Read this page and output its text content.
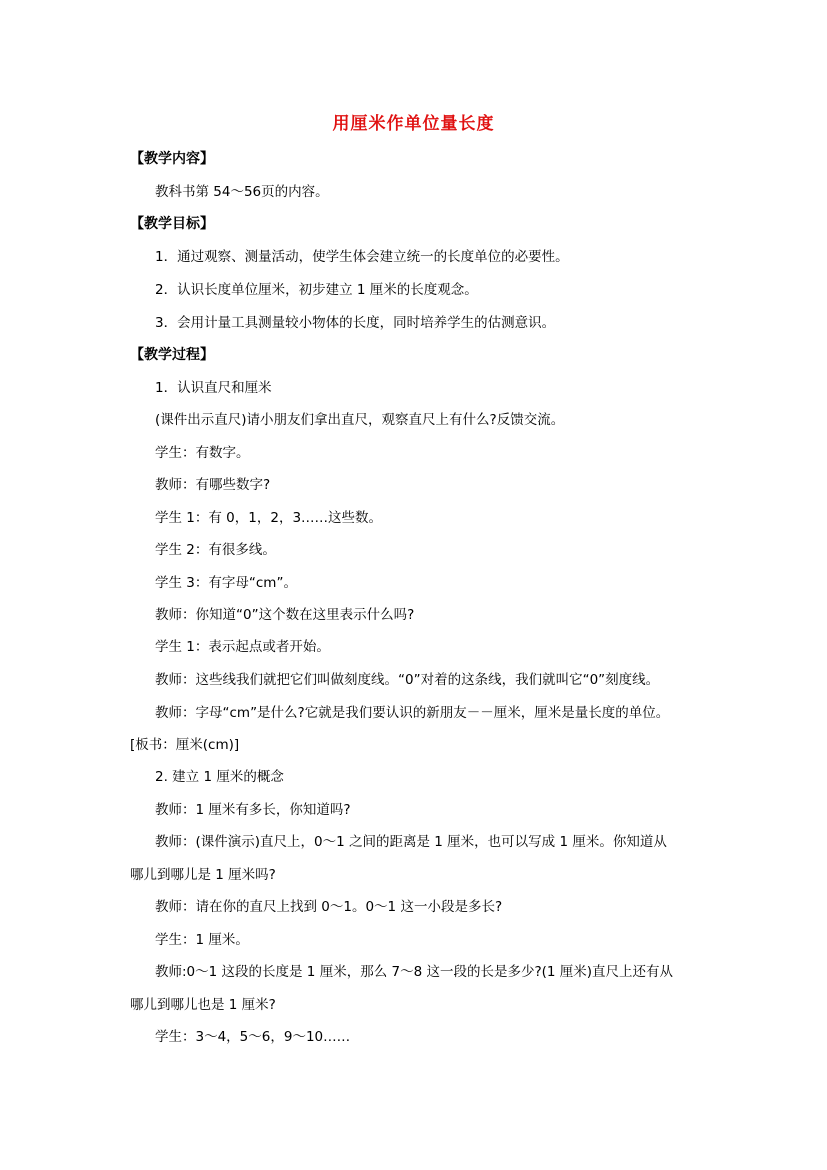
用厘米作单位量长度
【教学内容】
教科书第 54～56页的内容。
【教学目标】
1．通过观察、测量活动，使学生体会建立统一的长度单位的必要性。
2．认识长度单位厘米，初步建立 1 厘米的长度观念。
3．会用计量工具测量较小物体的长度，同时培养学生的估测意识。
【教学过程】
1．认识直尺和厘米
(课件出示直尺)请小朋友们拿出直尺，观察直尺上有什么?反馈交流。
学生：有数字。
教师：有哪些数字?
学生 1：有 0，1，2，3……这些数。
学生 2：有很多线。
学生 3：有字母“cm”。
教师：你知道“0”这个数在这里表示什么吗?
学生 1：表示起点或者开始。
教师：这些线我们就把它们叫做刻度线。“0”对着的这条线，我们就叫它“0”刻度线。
教师：字母“cm”是什么?它就是我们要认识的新朋友－－厘米，厘米是量长度的单位。
[板书：厘米(cm)]
2. 建立 1 厘米的概念
教师：1 厘米有多长，你知道吗?
教师：(课件演示)直尺上，0～1 之间的距离是 1 厘米，也可以写成 1 厘米。你知道从
哪儿到哪儿是 1 厘米吗?
教师：请在你的直尺上找到 0～1。0～1 这一小段是多长?
学生：1 厘米。
教师:0～1 这段的长度是 1 厘米，那么 7～8 这一段的长是多少?(1 厘米)直尺上还有从
哪儿到哪儿也是 1 厘米?
学生：3～4，5～6，9～10……
